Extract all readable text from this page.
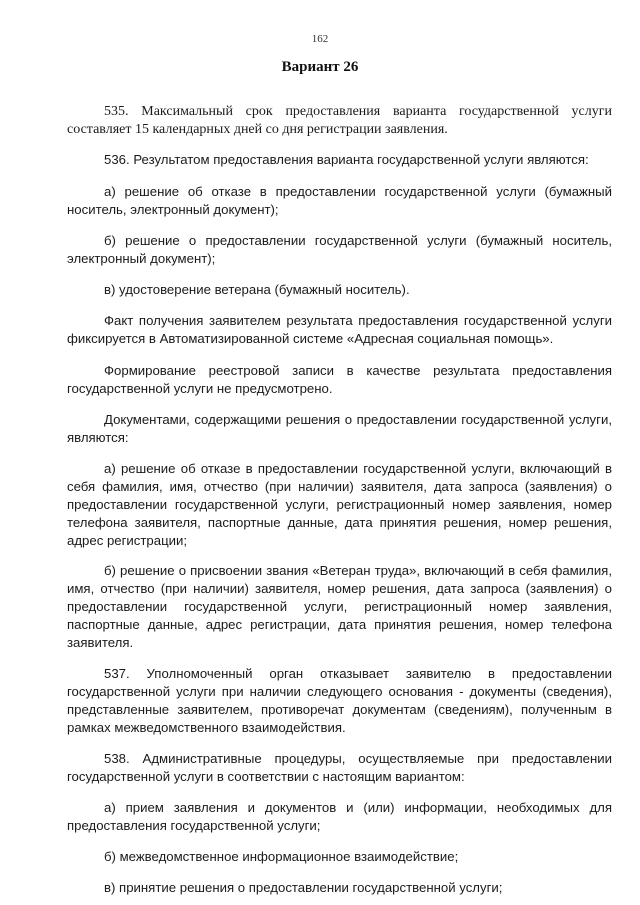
162
Вариант 26

535. Максимальный срок предоставления варианта государственной услуги составляет 15 календарных дней со дня регистрации заявления.

536. Результатом предоставления варианта государственной услуги являются:

а) решение об отказе в предоставлении государственной услуги (бумажный носитель, электронный документ);

б) решение о предоставлении государственной услуги (бумажный носитель, электронный документ);

в) удостоверение ветерана (бумажный носитель).

Факт получения заявителем результата предоставления государственной услуги фиксируется в Автоматизированной системе «Адресная социальная помощь».

Формирование реестровой записи в качестве результата предоставления государственной услуги не предусмотрено.

Документами, содержащими решения о предоставлении государственной услуги, являются:

а) решение об отказе в предоставлении государственной услуги, включающий в себя фамилия, имя, отчество (при наличии) заявителя, дата запроса (заявления) о предоставлении государственной услуги, регистрационный номер заявления, номер телефона заявителя, паспортные данные, дата принятия решения, номер решения, адрес регистрации;

б) решение о присвоении звания «Ветеран труда», включающий в себя фамилия, имя, отчество (при наличии) заявителя, номер решения, дата запроса (заявления) о предоставлении государственной услуги, регистрационный номер заявления, паспортные данные, адрес регистрации, дата принятия решения, номер телефона заявителя.

537. Уполномоченный орган отказывает заявителю в предоставлении государственной услуги при наличии следующего основания - документы (сведения), представленные заявителем, противоречат документам (сведениям), полученным в рамках межведомственного взаимодействия.

538. Административные процедуры, осуществляемые при предоставлении государственной услуги в соответствии с настоящим вариантом:

а) прием заявления и документов и (или) информации, необходимых для предоставления государственной услуги;

б) межведомственное информационное взаимодействие;

в) принятие решения о предоставлении государственной услуги;
